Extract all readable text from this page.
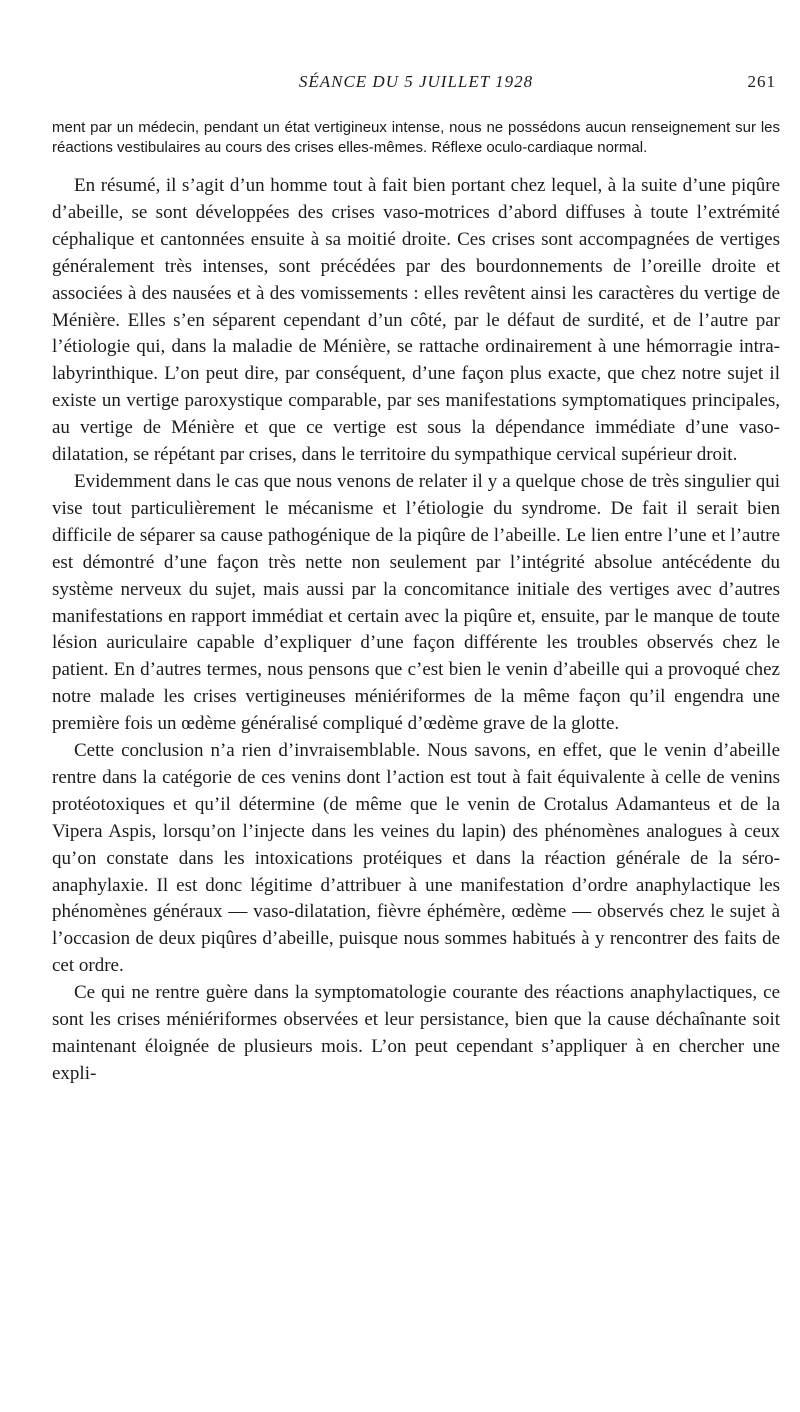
SÉANCE DU 5 JUILLET 1928	261

ment par un médecin, pendant un état vertigineux intense, nous ne possédons aucun renseignement sur les réactions vestibulaires au cours des crises elles-mêmes. Réflexe oculo-cardiaque normal.

En résumé, il s’agit d’un homme tout à fait bien portant chez lequel, à la suite d’une piqûre d’abeille, se sont développées des crises vaso-motrices d’abord diffuses à toute l’extrémité céphalique et cantonnées ensuite à sa moitié droite. Ces crises sont accompagnées de vertiges généralement très intenses, sont précédées par des bourdonnements de l’oreille droite et associées à des nausées et à des vomissements : elles revêtent ainsi les caractères du vertige de Ménière. Elles s’en séparent cependant d’un côté, par le défaut de surdité, et de l’autre par l’étiologie qui, dans la maladie de Ménière, se rattache ordinairement à une hémorragie intra-labyrinthique. L’on peut dire, par conséquent, d’une façon plus exacte, que chez notre sujet il existe un vertige paroxystique comparable, par ses manifestations symptomatiques principales, au vertige de Ménière et que ce vertige est sous la dépendance immédiate d’une vaso-dilatation, se répétant par crises, dans le territoire du sympathique cervical supérieur droit.

Evidemment dans le cas que nous venons de relater il y a quelque chose de très singulier qui vise tout particulièrement le mécanisme et l’étiologie du syndrome. De fait il serait bien difficile de séparer sa cause pathogénique de la piqûre de l’abeille. Le lien entre l’une et l’autre est démontré d’une façon très nette non seulement par l’intégrité absolue antécédente du système nerveux du sujet, mais aussi par la concomitance initiale des vertiges avec d’autres manifestations en rapport immédiat et certain avec la piqûre et, ensuite, par le manque de toute lésion auriculaire capable d’expliquer d’une façon différente les troubles observés chez le patient. En d’autres termes, nous pensons que c’est bien le venin d’abeille qui a provoqué chez notre malade les crises vertigineuses méniériformes de la même façon qu’il engendra une première fois un œdème généralisé compliqué d’œdème grave de la glotte.

Cette conclusion n’a rien d’invraisemblable. Nous savons, en effet, que le venin d’abeille rentre dans la catégorie de ces venins dont l’action est tout à fait équivalente à celle de venins protéotoxiques et qu’il détermine (de même que le venin de Crotalus Adamanteus et de la Vipera Aspis, lorsqu’on l’injecte dans les veines du lapin) des phénomènes analogues à ceux qu’on constate dans les intoxications protéiques et dans la réaction générale de la séro-anaphylaxie. Il est donc légitime d’attribuer à une manifestation d’ordre anaphylactique les phénomènes généraux — vaso-dilatation, fièvre éphémère, œdème — observés chez le sujet à l’occasion de deux piqûres d’abeille, puisque nous sommes habitués à y rencontrer des faits de cet ordre.

Ce qui ne rentre guère dans la symptomatologie courante des réactions anaphylactiques, ce sont les crises méniériformes observées et leur persistance, bien que la cause déchaînante soit maintenant éloignée de plusieurs mois. L’on peut cependant s’appliquer à en chercher une expli-
